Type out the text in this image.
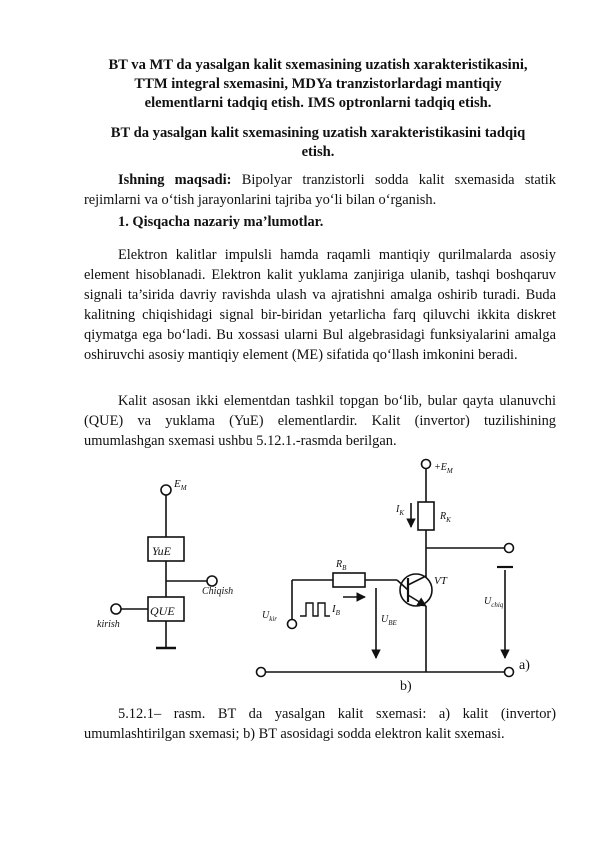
BT va MT da yasalgan kalit sxemasining uzatish xarakteristikasini,
TTM integral sxemasini, MDYa tranzistorlardagi mantiqiy
elementlarni tadqiq etish. IMS optronlarni tadqiq etish.
BT da yasalgan kalit sxemasining uzatish xarakteristikasini tadqiq
etish.

Ishning maqsadi: Bipolyar tranzistorli sodda kalit sxemasida statik rejimlarni va o‘tish jarayonlarini tajriba yo‘li bilan o‘rganish.

1. Qisqacha nazariy ma’lumotlar.

Elektron kalitlar impulsli hamda raqamli mantiqiy qurilmalarda asosiy element hisoblanadi. Elektron kalit yuklama zanjiriga ulanib, tashqi boshqaruv signali ta’sirida davriy ravishda ulash va ajratishni amalga oshirib turadi. Buda kalitning chiqishidagi signal bir-biridan yetarlicha farq qiluvchi ikkita diskret qiymatga ega bo‘ladi. Bu xossasi ularni Bul algebrasidagi funksiyalarini amalga oshiruvchi asosiy mantiqiy element (ME) sifatida qo‘llash imkonini beradi.

Kalit asosan ikki elementdan tashkil topgan bo‘lib, bular qayta ulanuvchi (QUE) va yuklama (YuE) elementlardir. Kalit (invertor) tuzilishining umumlashgan sxemasi ushbu 5.12.1.-rasmda berilgan.

$E_M$
YuE
QUE
Chiqish
kirish
$+E_M$
$I_K$	$R_K$
$R_B$
$I_B$
VT
$U_{kir}$	$U_{BE}$
$U_{chiq}$
a)
b)

5.12.1– rasm. BT da yasalgan kalit sxemasi: a) kalit (invertor) umumlashtirilgan sxemasi; b) BT asosidagi sodda elektron kalit sxemasi.
